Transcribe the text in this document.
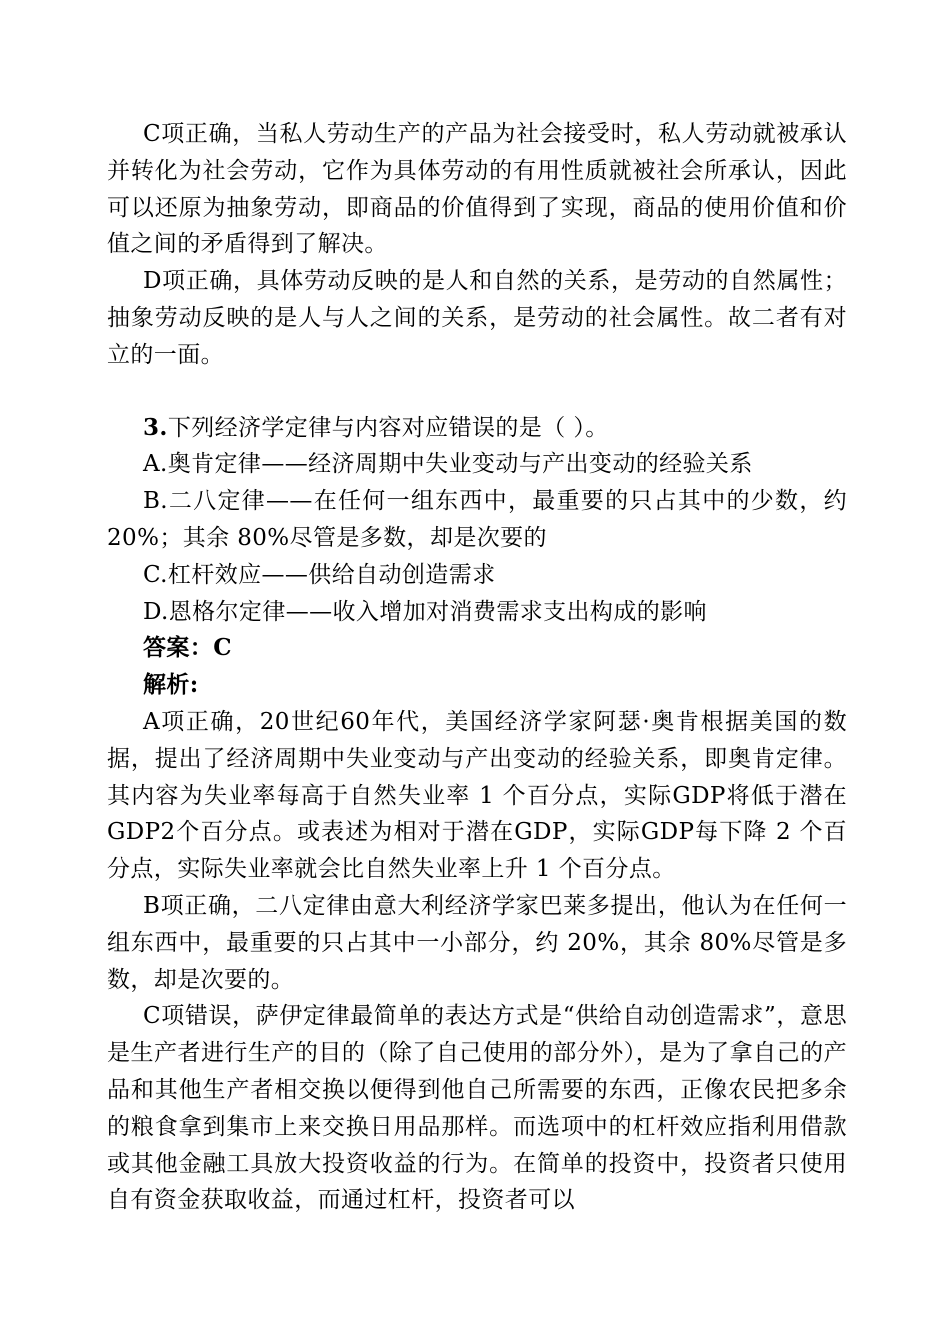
C项正确，当私人劳动生产的产品为社会接受时，私人劳动就被承认并转化为社会劳动，它作为具体劳动的有用性质就被社会所承认，因此可以还原为抽象劳动，即商品的价值得到了实现，商品的使用价值和价值之间的矛盾得到了解决。

D项正确，具体劳动反映的是人和自然的关系，是劳动的自然属性；抽象劳动反映的是人与人之间的关系，是劳动的社会属性。故二者有对立的一面。

3.下列经济学定律与内容对应错误的是（ ）。

A.奥肯定律——经济周期中失业变动与产出变动的经验关系

B.二八定律——在任何一组东西中，最重要的只占其中的少数，约 20%；其余 80%尽管是多数，却是次要的

C.杠杆效应——供给自动创造需求

D.恩格尔定律——收入增加对消费需求支出构成的影响

答案：C

解析:

A项正确，20世纪60年代，美国经济学家阿瑟·奥肯根据美国的数据，提出了经济周期中失业变动与产出变动的经验关系，即奥肯定律。其内容为失业率每高于自然失业率 1 个百分点，实际GDP将低于潜在GDP2个百分点。或表述为相对于潜在GDP，实际GDP每下降 2 个百分点，实际失业率就会比自然失业率上升 1 个百分点。

B项正确，二八定律由意大利经济学家巴莱多提出，他认为在任何一组东西中，最重要的只占其中一小部分，约 20%，其余 80%尽管是多数，却是次要的。

C项错误，萨伊定律最简单的表达方式是“供给自动创造需求”，意思是生产者进行生产的目的（除了自己使用的部分外），是为了拿自己的产品和其他生产者相交换以便得到他自己所需要的东西，正像农民把多余的粮食拿到集市上来交换日用品那样。而选项中的杠杆效应指利用借款或其他金融工具放大投资收益的行为。在简单的投资中，投资者只使用自有资金获取收益，而通过杠杆，投资者可以
